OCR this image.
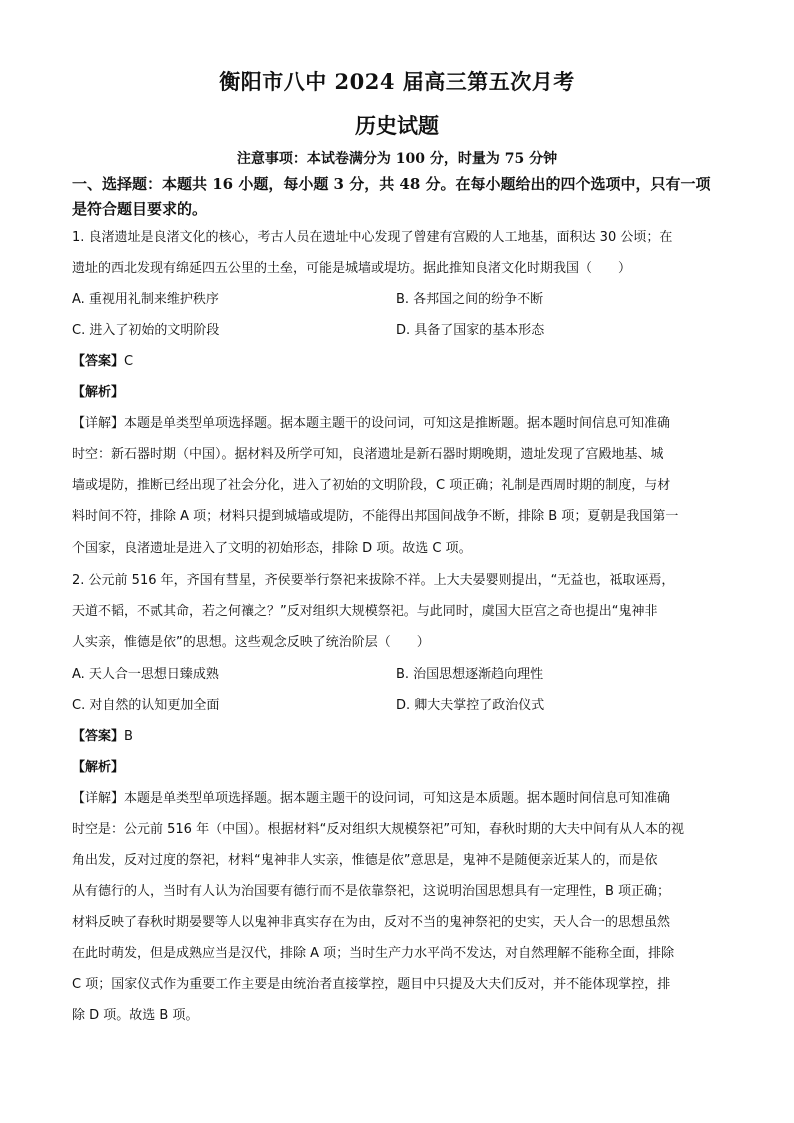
衡阳市八中 2024 届高三第五次月考
历史试题
注意事项：本试卷满分为 100 分，时量为 75 分钟
一、选择题：本题共 16 小题，每小题 3 分，共 48 分。在每小题给出的四个选项中，只有一项是符合题目要求的。
1. 良渚遗址是良渚文化的核心，考古人员在遗址中心发现了曾建有宫殿的人工地基，面积达 30 公顷；在
遗址的西北发现有绵延四五公里的土垒，可能是城墙或堤坊。据此推知良渚文化时期我国（　　）
A. 重视用礼制来维护秩序	B. 各邦国之间的纷争不断
C. 进入了初始的文明阶段	D. 具备了国家的基本形态
【答案】C
【解析】
【详解】本题是单类型单项选择题。据本题主题干的设问词，可知这是推断题。据本题时间信息可知准确
时空：新石器时期（中国）。据材料及所学可知，良渚遗址是新石器时期晚期，遗址发现了宫殿地基、城
墙或堤防，推断已经出现了社会分化，进入了初始的文明阶段，C 项正确；礼制是西周时期的制度，与材
料时间不符，排除 A 项；材料只提到城墙或堤防，不能得出邦国间战争不断，排除 B 项；夏朝是我国第一
个国家，良渚遗址是进入了文明的初始形态，排除 D 项。故选 C 项。
2. 公元前 516 年，齐国有彗星，齐侯要举行祭祀来拔除不祥。上大夫晏婴则提出，“无益也，祗取诬焉，
天道不韬，不贰其命，若之何禳之？”反对组织大规模祭祀。与此同时，虞国大臣宫之奇也提出“鬼神非
人实亲，惟德是依”的思想。这些观念反映了统治阶层（　　）
A. 天人合一思想日臻成熟	B. 治国思想逐渐趋向理性
C. 对自然的认知更加全面	D. 卿大夫掌控了政治仪式
【答案】B
【解析】
【详解】本题是单类型单项选择题。据本题主题干的设问词，可知这是本质题。据本题时间信息可知准确
时空是：公元前 516 年（中国）。根据材料“反对组织大规模祭祀”可知，春秋时期的大夫中间有从人本的视
角出发，反对过度的祭祀，材料“鬼神非人实亲，惟德是依”意思是，鬼神不是随便亲近某人的，而是依
从有德行的人，当时有人认为治国要有德行而不是依靠祭祀，这说明治国思想具有一定理性，B 项正确；
材料反映了春秋时期晏婴等人以鬼神非真实存在为由，反对不当的鬼神祭祀的史实，天人合一的思想虽然
在此时萌发，但是成熟应当是汉代，排除 A 项；当时生产力水平尚不发达，对自然理解不能称全面，排除
C 项；国家仪式作为重要工作主要是由统治者直接掌控，题目中只提及大夫们反对，并不能体现掌控，排
除 D 项。故选 B 项。
